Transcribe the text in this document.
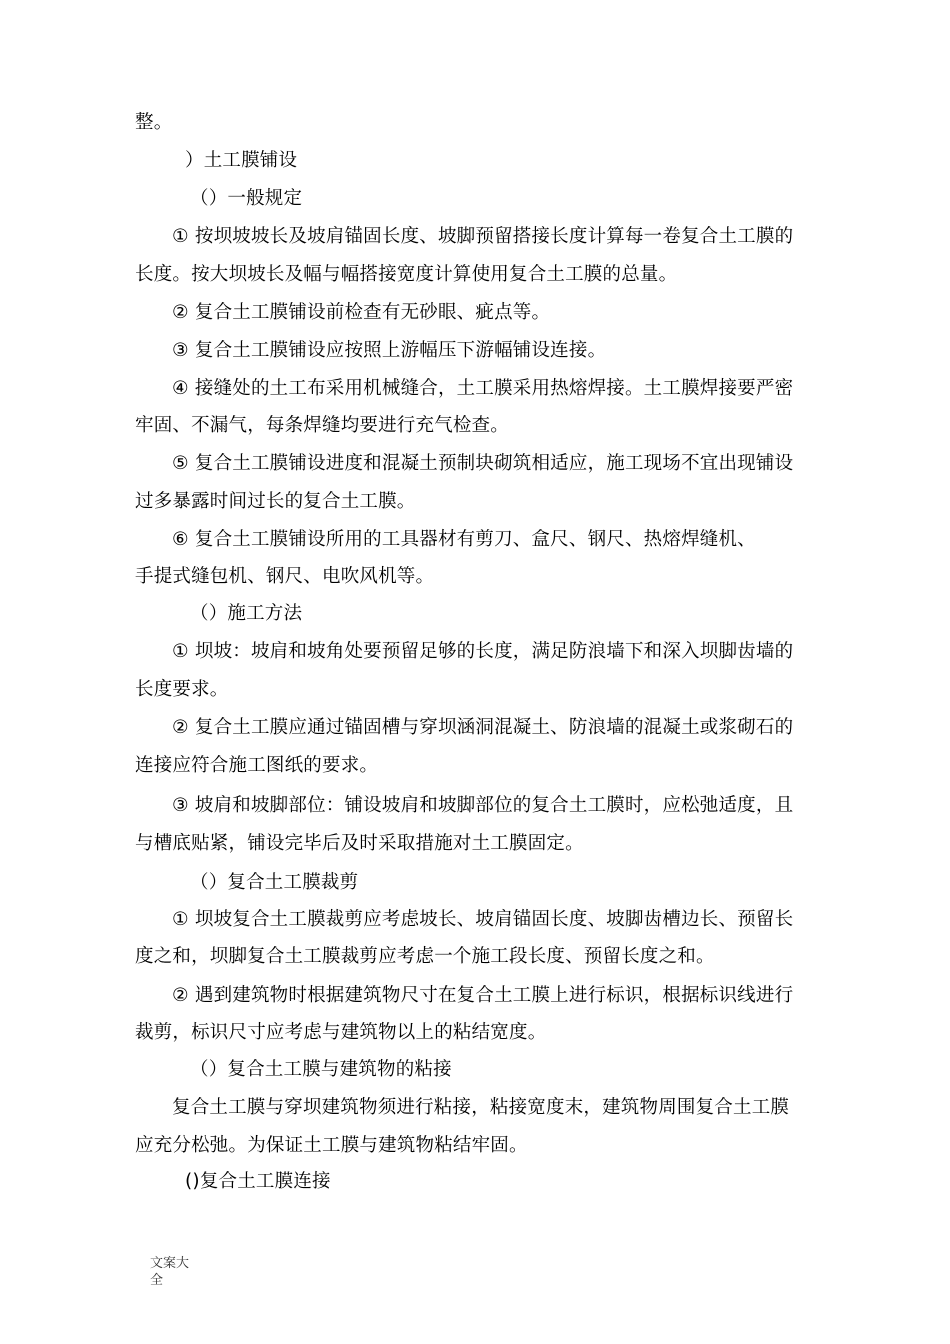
整。
）土工膜铺设
（）一般规定
① 按坝坡坡长及坡肩锚固长度、坡脚预留搭接长度计算每一卷复合土工膜的
长度。按大坝坡长及幅与幅搭接宽度计算使用复合土工膜的总量。
② 复合土工膜铺设前检查有无砂眼、疵点等。
③ 复合土工膜铺设应按照上游幅压下游幅铺设连接。
④ 接缝处的土工布采用机械缝合，土工膜采用热熔焊接。土工膜焊接要严密
牢固、不漏气，每条焊缝均要进行充气检查。
⑤ 复合土工膜铺设进度和混凝土预制块砌筑相适应，施工现场不宜出现铺设
过多暴露时间过长的复合土工膜。
⑥ 复合土工膜铺设所用的工具器材有剪刀、盒尺、钢尺、热熔焊缝机、
手提式缝包机、钢尺、电吹风机等。
（）施工方法
① 坝坡：坡肩和坡角处要预留足够的长度，满足防浪墙下和深入坝脚齿墙的
长度要求。
② 复合土工膜应通过锚固槽与穿坝涵洞混凝土、防浪墙的混凝土或浆砌石的
连接应符合施工图纸的要求。
③ 坡肩和坡脚部位：铺设坡肩和坡脚部位的复合土工膜时，应松弛适度，且
与槽底贴紧，铺设完毕后及时采取措施对土工膜固定。
（）复合土工膜裁剪
① 坝坡复合土工膜裁剪应考虑坡长、坡肩锚固长度、坡脚齿槽边长、预留长
度之和，坝脚复合土工膜裁剪应考虑一个施工段长度、预留长度之和。
② 遇到建筑物时根据建筑物尺寸在复合土工膜上进行标识，根据标识线进行
裁剪，标识尺寸应考虑与建筑物以上的粘结宽度。
（）复合土工膜与建筑物的粘接
复合土工膜与穿坝建筑物须进行粘接，粘接宽度末，建筑物周围复合土工膜
应充分松弛。为保证土工膜与建筑物粘结牢固。
()复合土工膜连接
文案大
全
